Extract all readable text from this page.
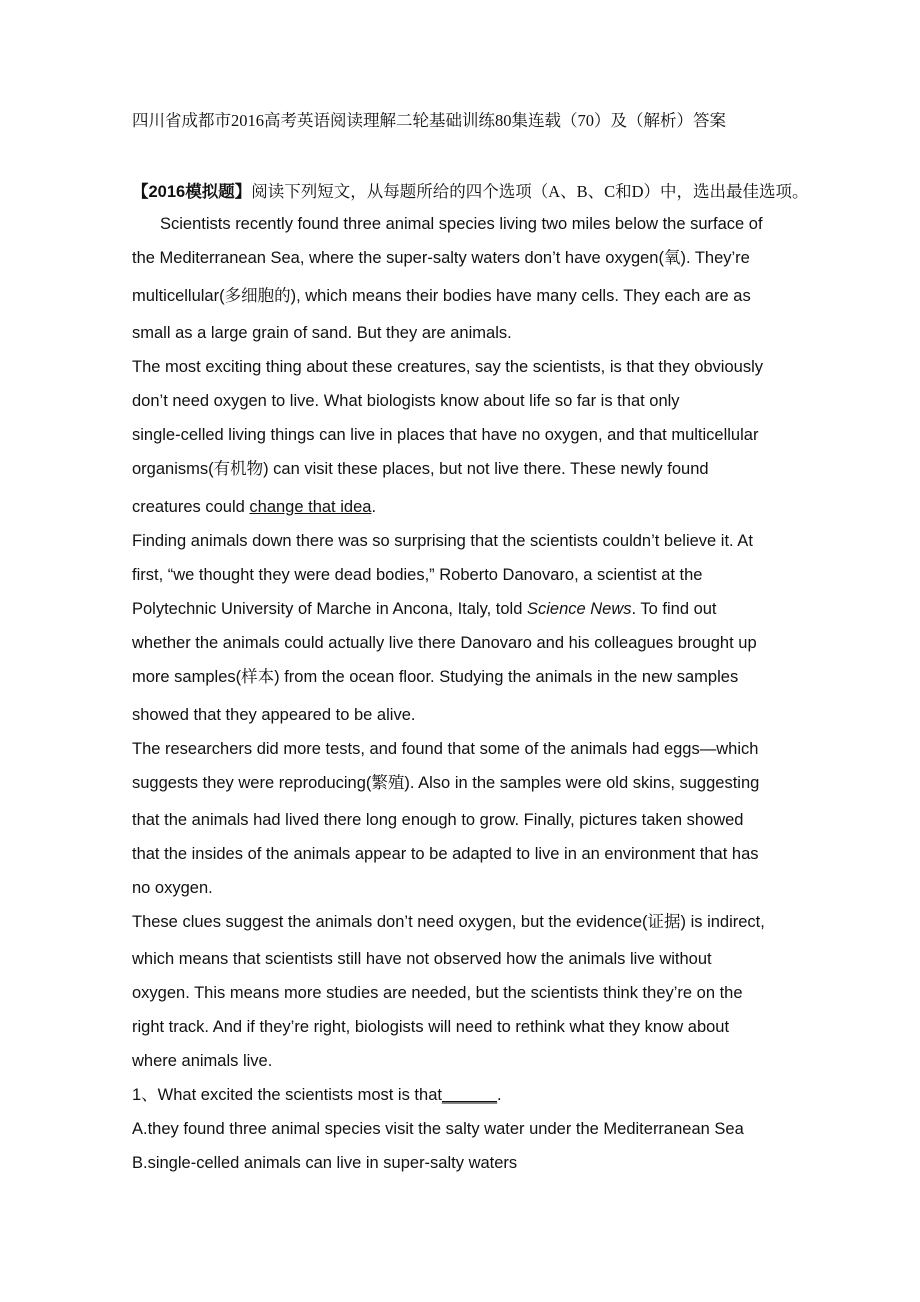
四川省成都市2016高考英语阅读理解二轮基础训练80集连载（70）及（解析）答案
【2016模拟题】阅读下列短文，从每题所给的四个选项（A、B、C和D）中，选出最佳选项。
Scientists recently found three animal species living two miles below the surface of
the Mediterranean Sea, where the super-salty waters don’t have oxygen(氧). They’re
multicellular(多细胞的), which means their bodies have many cells. They each are as
small as a large grain of sand. But they are animals.
The most exciting thing about these creatures, say the scientists, is that they obviously
don’t need oxygen to live. What biologists know about life so far is that only
single-celled living things can live in places that have no oxygen, and that multicellular
organisms(有机物) can visit these places, but not live there. These newly found
creatures could change that idea.
Finding animals down there was so surprising that the scientists couldn’t believe it. At
first, “we thought they were dead bodies,” Roberto Danovaro, a scientist at the
Polytechnic University of Marche in Ancona, Italy, told Science News. To find out
whether the animals could actually live there Danovaro and his colleagues brought up
more samples(样本) from the ocean floor. Studying the animals in the new samples
showed that they appeared to be alive.
The researchers did more tests, and found that some of the animals had eggs—which
suggests they were reproducing(繁殖). Also in the samples were old skins, suggesting
that the animals had lived there long enough to grow. Finally, pictures taken showed
that the insides of the animals appear to be adapted to live in an environment that has
no oxygen.
These clues suggest the animals don’t need oxygen, but the evidence(证据) is indirect,
which means that scientists still have not observed how the animals live without
oxygen. This means more studies are needed, but the scientists think they’re on the
right track. And if they’re right, biologists will need to rethink what they know about
where animals live.
1、What excited the scientists most is that______.
A.they found three animal species visit the salty water under the Mediterranean Sea
B.single-celled animals can live in super-salty waters
